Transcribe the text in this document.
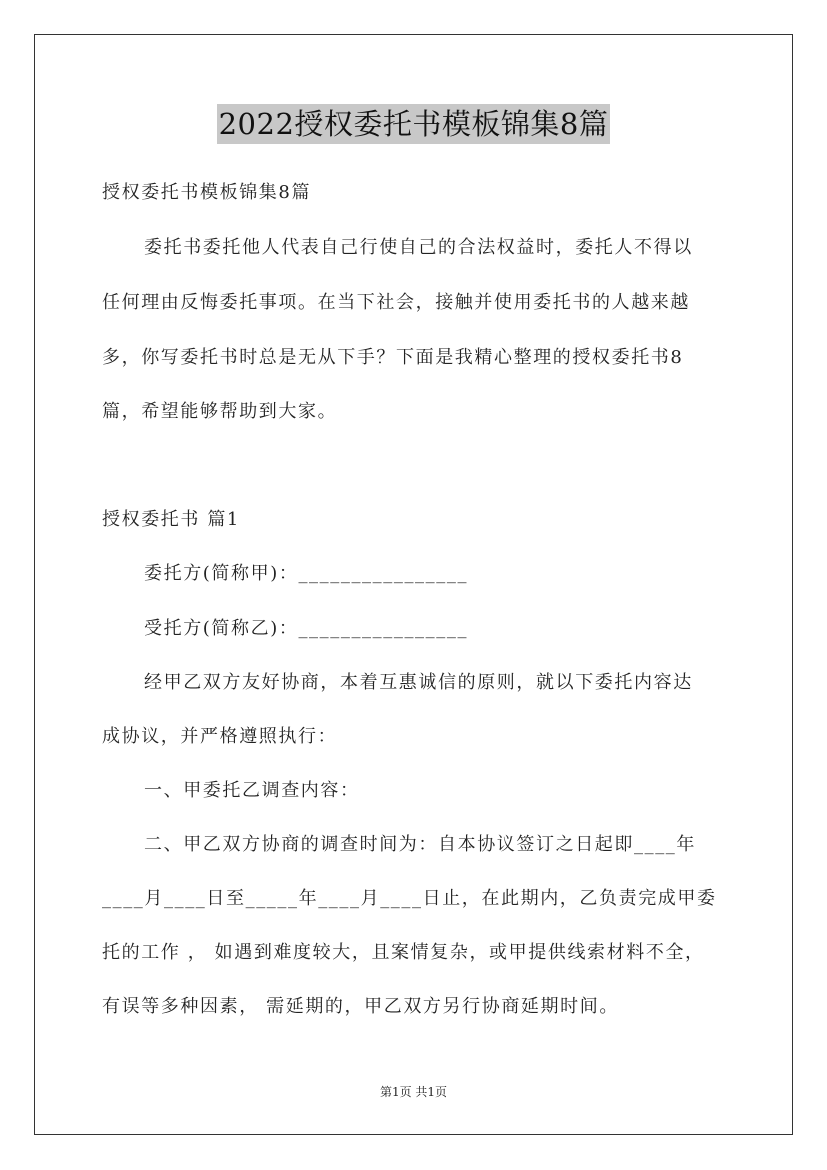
2022授权委托书模板锦集8篇
授权委托书模板锦集8篇
委托书委托他人代表自己行使自己的合法权益时，委托人不得以
任何理由反悔委托事项。在当下社会，接触并使用委托书的人越来越
多，你写委托书时总是无从下手？下面是我精心整理的授权委托书8
篇，希望能够帮助到大家。
授权委托书 篇1
委托方(简称甲)：________________
受托方(简称乙)：________________
经甲乙双方友好协商，本着互惠诚信的原则，就以下委托内容达
成协议，并严格遵照执行：
一、甲委托乙调查内容：
二、甲乙双方协商的调查时间为：自本协议签订之日起即____年
____月____日至_____年____月____日止，在此期内，乙负责完成甲委
托的工作 ， 如遇到难度较大，且案情复杂，或甲提供线索材料不全，
有误等多种因素， 需延期的，甲乙双方另行协商延期时间。
第1页 共1页
